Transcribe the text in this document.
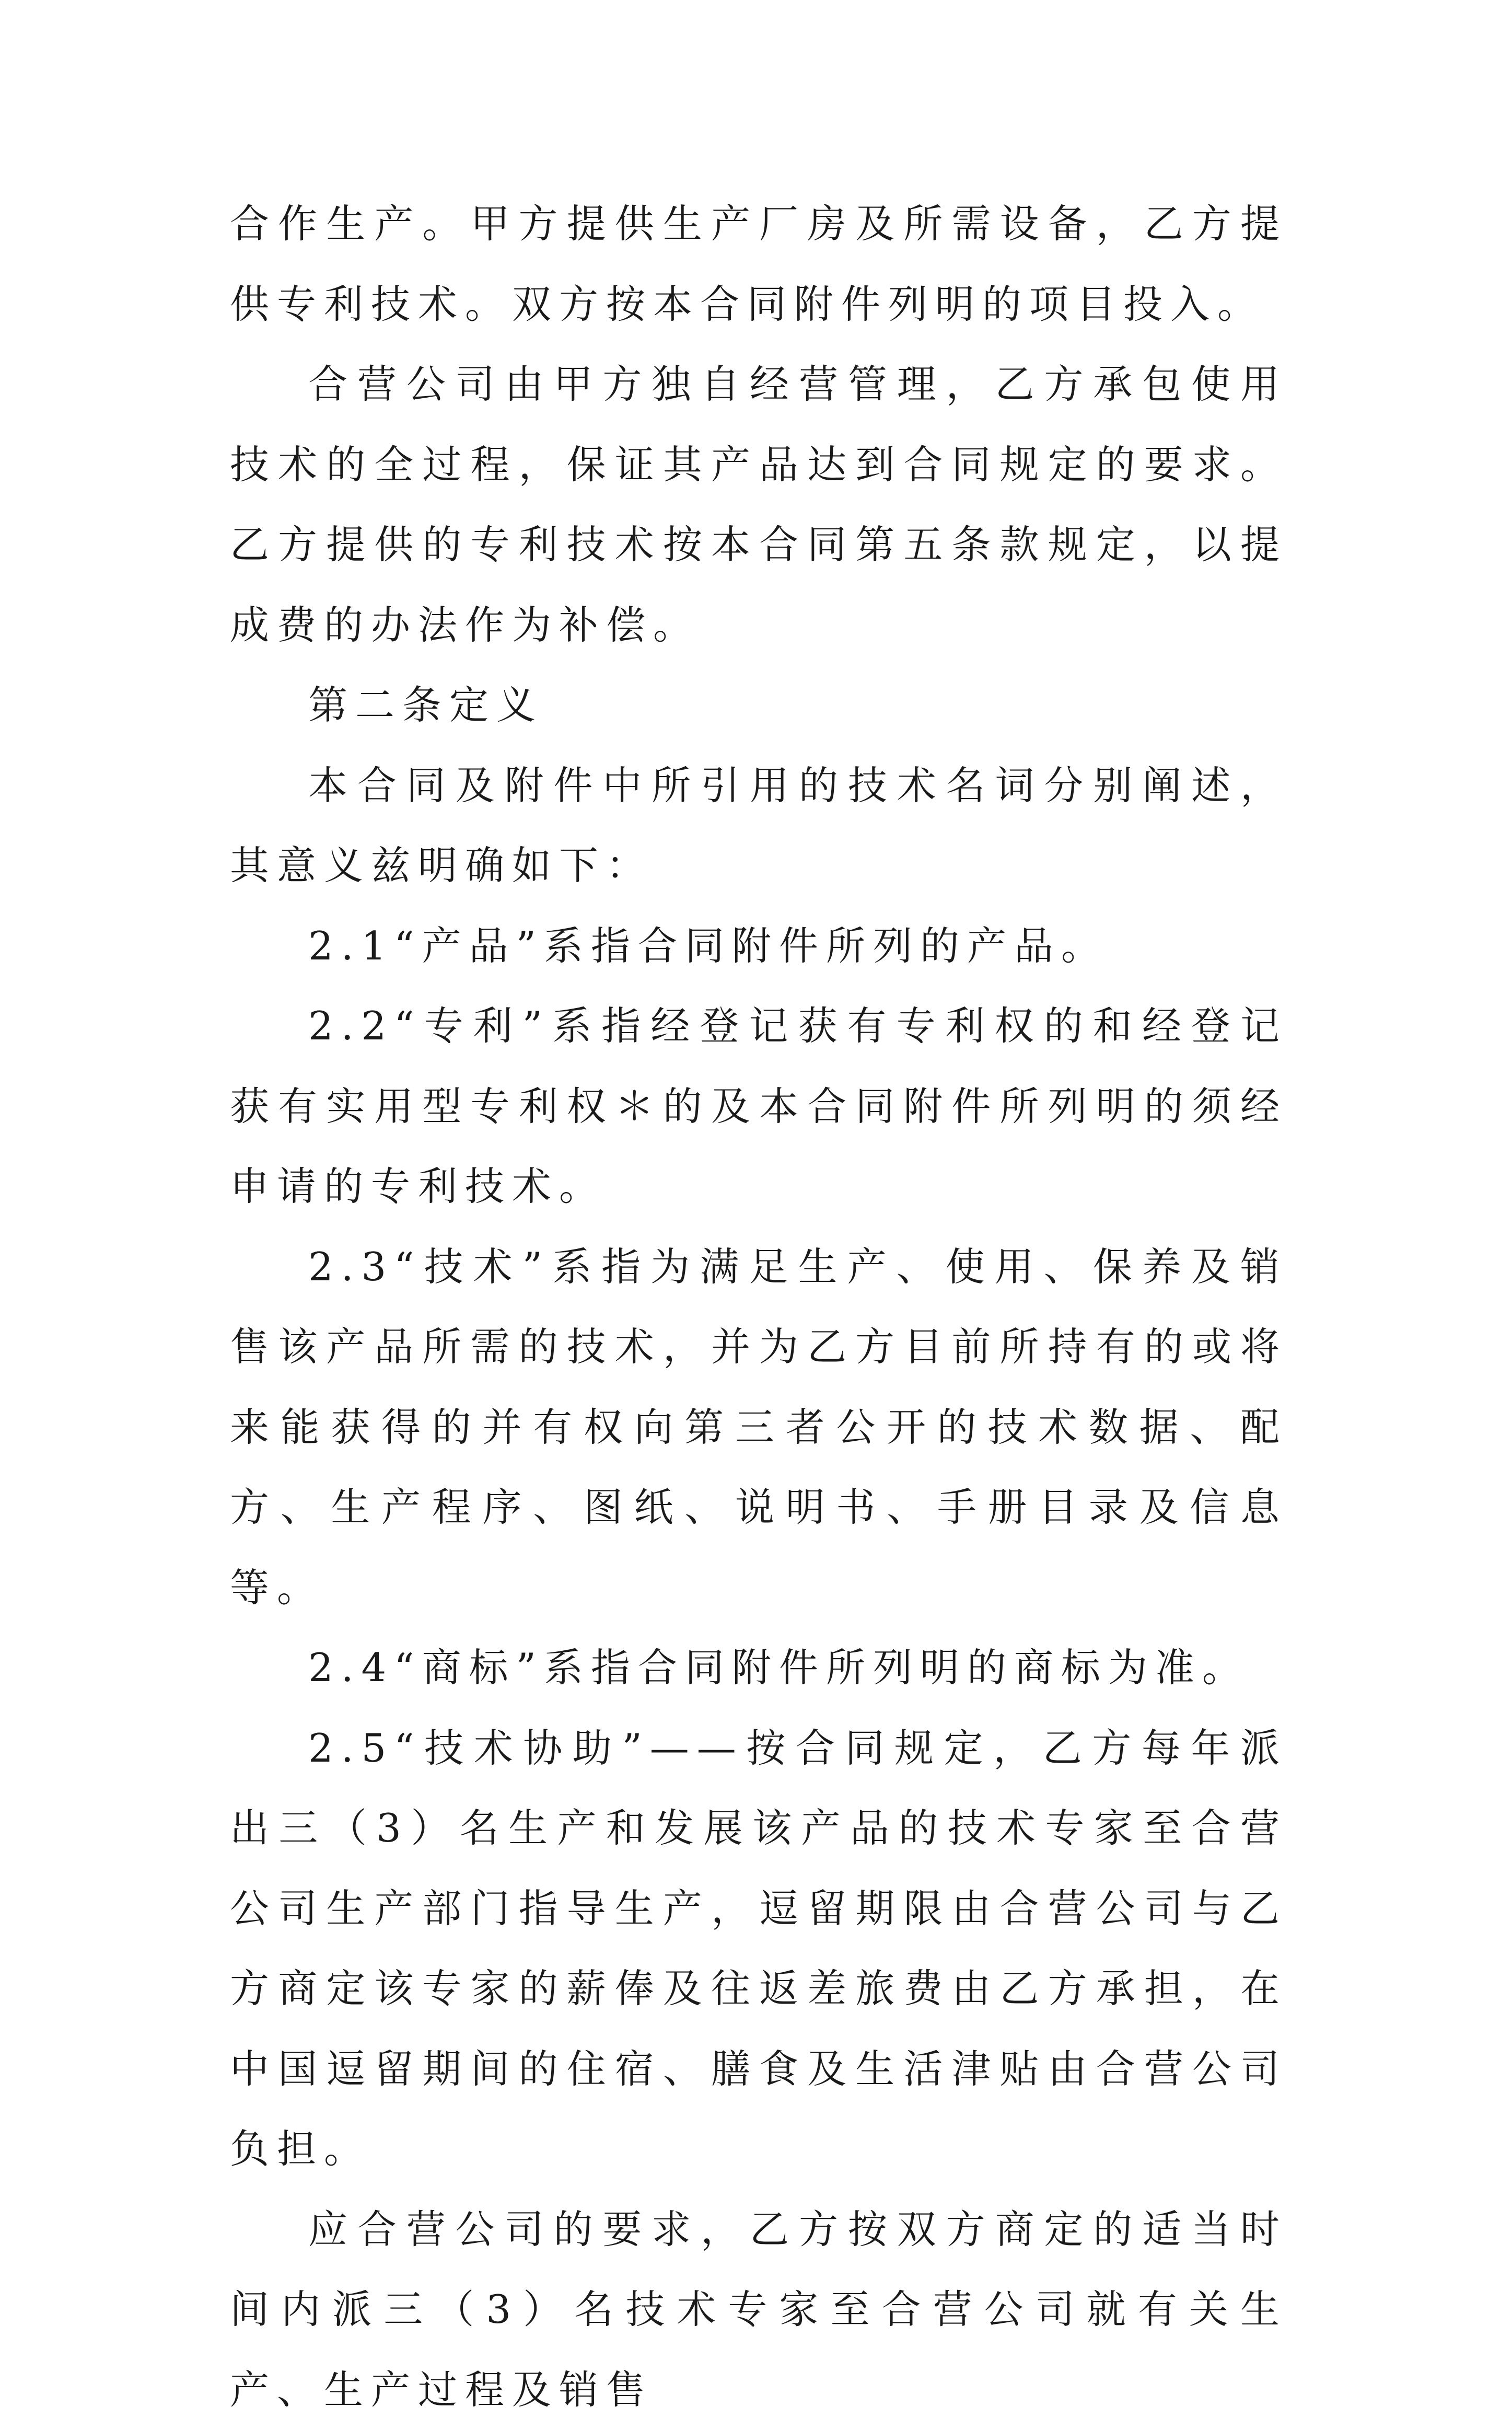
合作生产。甲方提供生产厂房及所需设备，乙方提供专利技术。双方按本合同附件列明的项目投入。

合营公司由甲方独自经营管理，乙方承包使用技术的全过程，保证其产品达到合同规定的要求。乙方提供的专利技术按本合同第五条款规定，以提成费的办法作为补偿。

第二条定义

本合同及附件中所引用的技术名词分别阐述，其意义兹明确如下：

2.1“产品”系指合同附件所列的产品。

2.2“专利”系指经登记获有专利权的和经登记获有实用型专利权＊的及本合同附件所列明的须经申请的专利技术。

2.3“技术”系指为满足生产、使用、保养及销售该产品所需的技术，并为乙方目前所持有的或将来能获得的并有权向第三者公开的技术数据、配方、生产程序、图纸、说明书、手册目录及信息等。

2.4“商标”系指合同附件所列明的商标为准。

2.5“技术协助”——按合同规定，乙方每年派出三（3）名生产和发展该产品的技术专家至合营公司生产部门指导生产，逗留期限由合营公司与乙方商定该专家的薪俸及往返差旅费由乙方承担，在中国逗留期间的住宿、膳食及生活津贴由合营公司负担。

应合营公司的要求，乙方按双方商定的适当时间内派三（3）名技术专家至合营公司就有关生产、生产过程及销售
